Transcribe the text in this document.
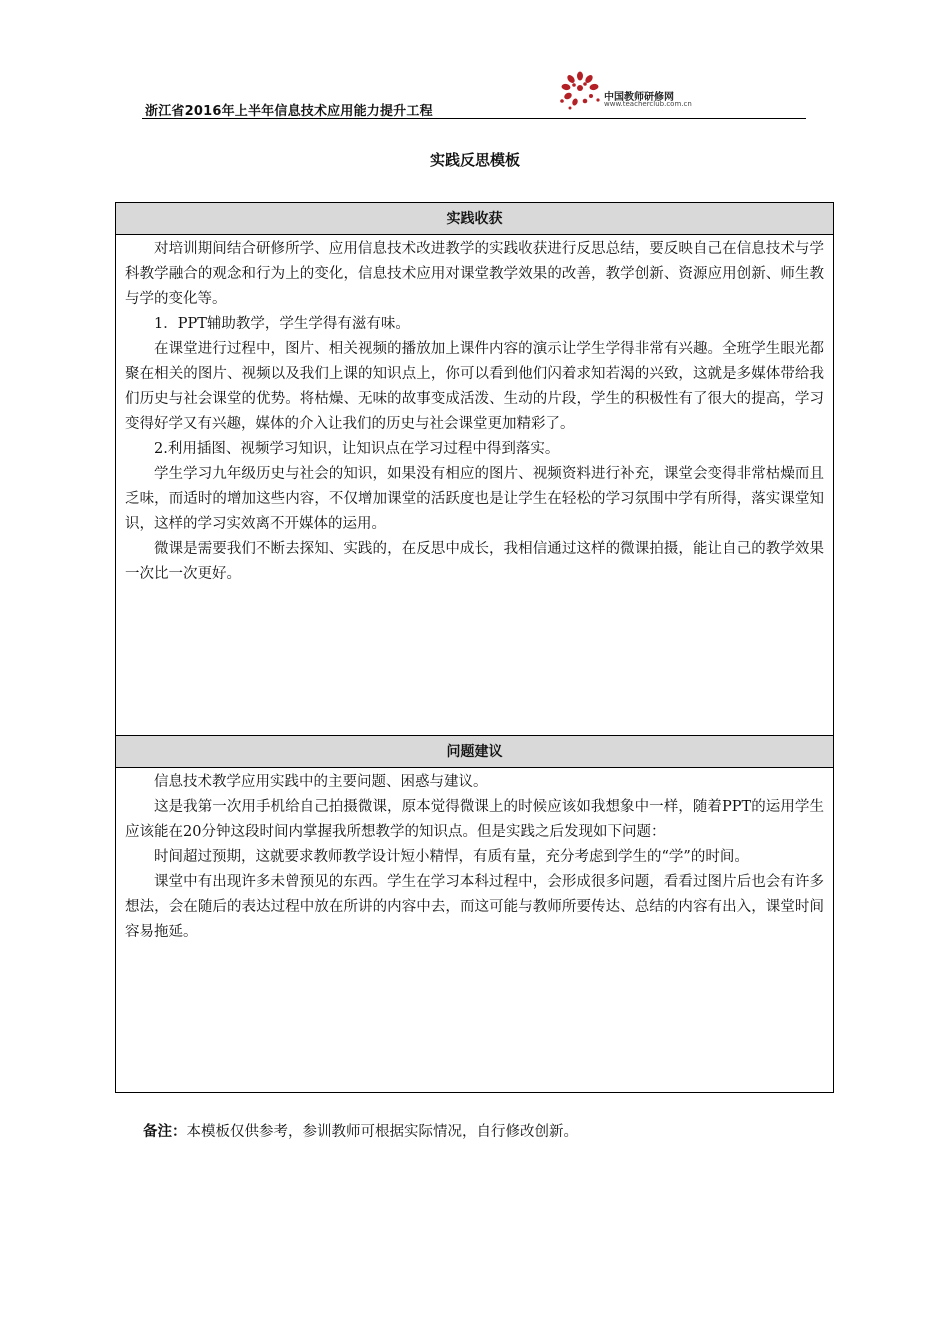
浙江省2016年上半年信息技术应用能力提升工程
中国教师研修网
www.teacherclub.com.cn
实践反思模板
实践收获

对培训期间结合研修所学、应用信息技术改进教学的实践收获进行反思总结，要反映自己在信息技术与学科教学融合的观念和行为上的变化，信息技术应用对课堂教学效果的改善，教学创新、资源应用创新、师生教与学的变化等。

1．PPT辅助教学，学生学得有滋有味。

在课堂进行过程中，图片、相关视频的播放加上课件内容的演示让学生学得非常有兴趣。全班学生眼光都聚在相关的图片、视频以及我们上课的知识点上，你可以看到他们闪着求知若渴的兴致，这就是多媒体带给我们历史与社会课堂的优势。将枯燥、无味的故事变成活泼、生动的片段，学生的积极性有了很大的提高，学习变得好学又有兴趣，媒体的介入让我们的历史与社会课堂更加精彩了。

2.利用插图、视频学习知识，让知识点在学习过程中得到落实。

学生学习九年级历史与社会的知识，如果没有相应的图片、视频资料进行补充，课堂会变得非常枯燥而且乏味，而适时的增加这些内容，不仅增加课堂的活跃度也是让学生在轻松的学习氛围中学有所得，落实课堂知识，这样的学习实效离不开媒体的运用。

微课是需要我们不断去探知、实践的，在反思中成长，我相信通过这样的微课拍摄，能让自己的教学效果一次比一次更好。

问题建议

信息技术教学应用实践中的主要问题、困惑与建议。

这是我第一次用手机给自己拍摄微课，原本觉得微课上的时候应该如我想象中一样，随着PPT的运用学生应该能在20分钟这段时间内掌握我所想教学的知识点。但是实践之后发现如下问题：

时间超过预期，这就要求教师教学设计短小精悍，有质有量，充分考虑到学生的“学”的时间。

课堂中有出现许多未曾预见的东西。学生在学习本科过程中，会形成很多问题，看看过图片后也会有许多想法，会在随后的表达过程中放在所讲的内容中去，而这可能与教师所要传达、总结的内容有出入，课堂时间容易拖延。

备注：本模板仅供参考，参训教师可根据实际情况，自行修改创新。
